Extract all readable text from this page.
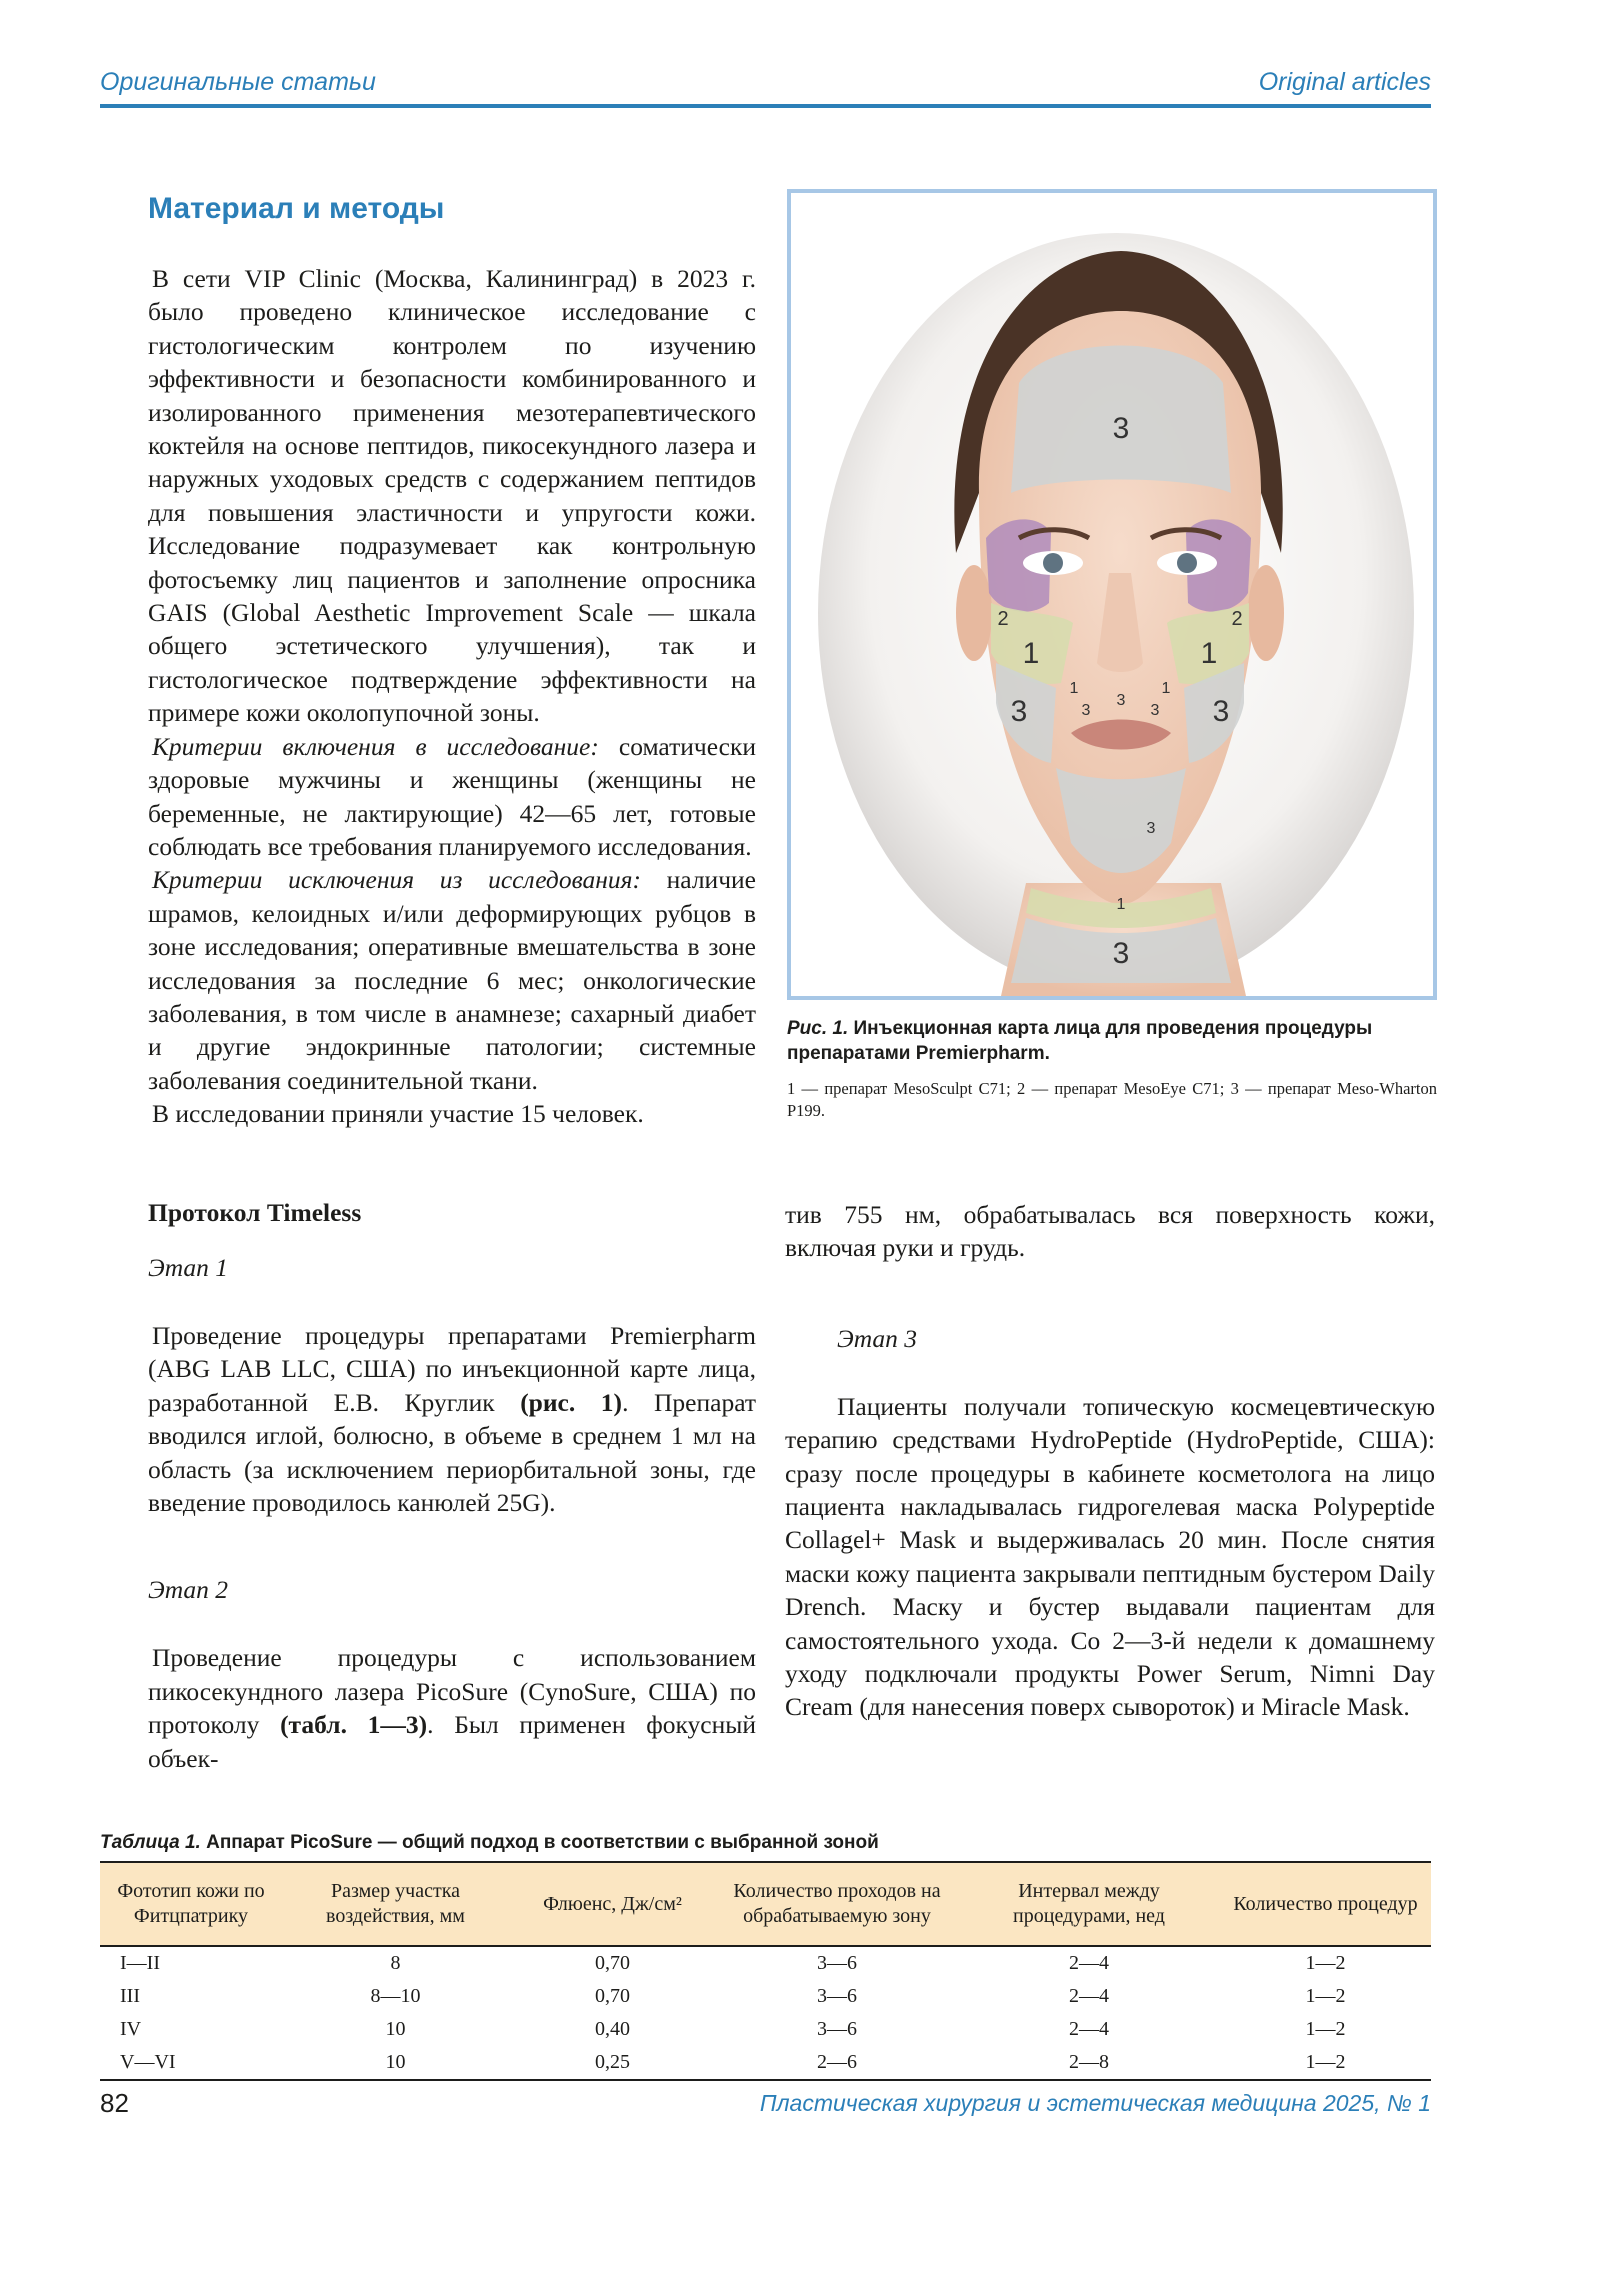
Оригинальные статьи	Original articles
Материал и методы

В сети VIP Clinic (Москва, Калининград) в 2023 г. было проведено клиническое исследование с гистологическим контролем по изучению эффективности и безопасности комбинированного и изолированного применения мезотерапевтического коктейля на основе пептидов, пикосекундного лазера и наружных уходовых средств с содержанием пептидов для повышения эластичности и упругости кожи. Исследование подразумевает как контрольную фотосъемку лиц пациентов и заполнение опросника GAIS (Global Aesthetic Improvement Scale — шкала общего эстетического улучшения), так и гистологическое подтверждение эффективности на примере кожи околопупочной зоны.

Критерии включения в исследование: соматически здоровые мужчины и женщины (женщины не беременные, не лактирующие) 42—65 лет, готовые соблюдать все требования планируемого исследования.

Критерии исключения из исследования: наличие шрамов, келоидных и/или деформирующих рубцов в зоне исследования; оперативные вмешательства в зоне исследования за последние 6 мес; онкологические заболевания, в том числе в анамнезе; сахарный диабет и другие эндокринные патологии; системные заболевания соединительной ткани.

В исследовании приняли участие 15 человек.

3
2	2
1	1
3	3
1	1
3	3
3
3
1
3
Рис. 1. Инъекционная карта лица для проведения процедуры препаратами Premierpharm.
1 — препарат MesoSculpt C71; 2 — препарат MesoEye C71; 3 — препарат Meso-Wharton P199.
Протокол Timeless
Этап 1

Проведение процедуры препаратами Premierpharm (ABG LAB LLC, США) по инъекционной карте лица, разработанной Е.В. Круглик (рис. 1). Препарат вводился иглой, болюсно, в объеме в среднем 1 мл на область (за исключением периорбитальной зоны, где введение проводилось канюлей 25G).

Этап 2

Проведение процедуры с использованием пикосекундного лазера PicoSure (CynoSure, США) по протоколу (табл. 1—3). Был применен фокусный объек-

тив 755 нм, обрабатывалась вся поверхность кожи, включая руки и грудь.

Этап 3

Пациенты получали топическую космецевтическую терапию средствами HydroPeptide (HydroPeptide, США): сразу после процедуры в кабинете косметолога на лицо пациента накладывалась гидрогелевая маска Polypeptide Collagel+ Mask и выдерживалась 20 мин. После снятия маски кожу пациента закрывали пептидным бустером Daily Drench. Маску и бустер выдавали пациентам для самостоятельного ухода. Со 2—3-й недели к домашнему уходу подключали продукты Power Serum, Nimni Day Cream (для нанесения поверх сывороток) и Miracle Mask.

Таблица 1. Аппарат PicoSure — общий подход в соответствии с выбранной зоной
Фототип кожи по Фитцпатрику	Размер участка воздействия, мм	Флюенс, Дж/см²	Количество проходов на обрабатываемую зону	Интервал между процедурами, нед	Количество процедур
I—II	8	0,70	3—6	2—4	1—2
III	8—10	0,70	3—6	2—4	1—2
IV	10	0,40	3—6	2—4	1—2
V—VI	10	0,25	2—6	2—8	1—2
82	Пластическая хирургия и эстетическая медицина 2025, № 1
